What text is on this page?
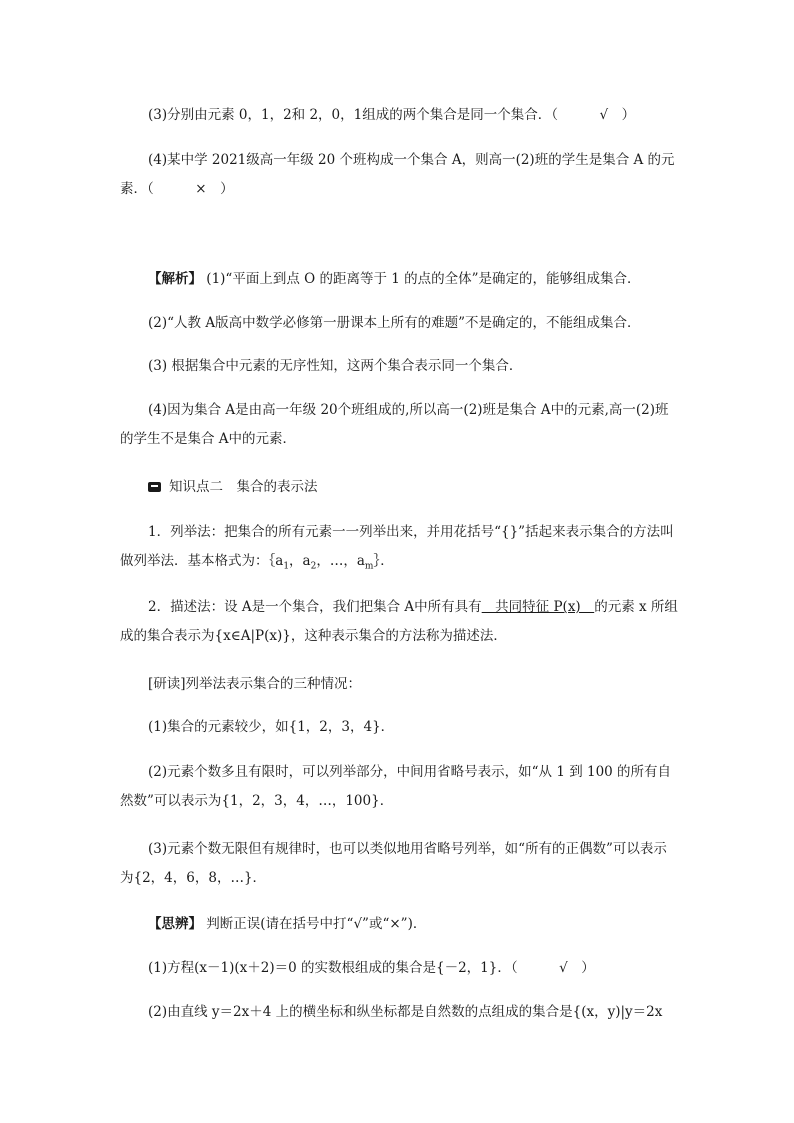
(3)分别由元素 0，1，2和 2，0，1组成的两个集合是同一个集合．（　	√　 ）
(4)某中学 2021级高一年级 20 个班构成一个集合 A，则高一(2)班的学生是集合 A 的元素．（　	×　 ）
【解析】 (1)“平面上到点 O 的距离等于 1 的点的全体”是确定的，能够组成集合．
(2)“人教 A版高中数学必修第一册课本上所有的难题”不是确定的，不能组成集合．
(3) 根据集合中元素的无序性知，这两个集合表示同一个集合．
(4)因为集合 A是由高一年级 20个班组成的,所以高一(2)班是集合 A中的元素,高一(2)班的学生不是集合 A中的元素．
知识点二　集合的表示法
1．列举法：把集合的所有元素一一列举出来，并用花括号“{}”括起来表示集合的方法叫做列举法．基本格式为：$\{a_1$，$a_2$，…，$a_m\}$．
2．描述法：设 A是一个集合，我们把集合 A中所有具有　共同特征 P(x)　的元素 x 所组成的集合表示为{x∈A|P(x)}，这种表示集合的方法称为描述法．
[研读]列举法表示集合的三种情况：
(1)集合的元素较少，如{1，2，3，4}．
(2)元素个数多且有限时，可以列举部分，中间用省略号表示，如“从 1 到 100 的所有自然数”可以表示为{1，2，3，4，…，100}．
(3)元素个数无限但有规律时，也可以类似地用省略号列举，如“所有的正偶数”可以表示为{2，4，6，8，…}．
【思辨】 判断正误(请在括号中打“√”或“×”)．
(1)方程(x－1)(x＋2)＝0 的实数根组成的集合是{－2，1}．（　	√　 ）
(2)由直线 y＝2x＋4 上的横坐标和纵坐标都是自然数的点组成的集合是{(x，y)|y＝2x
